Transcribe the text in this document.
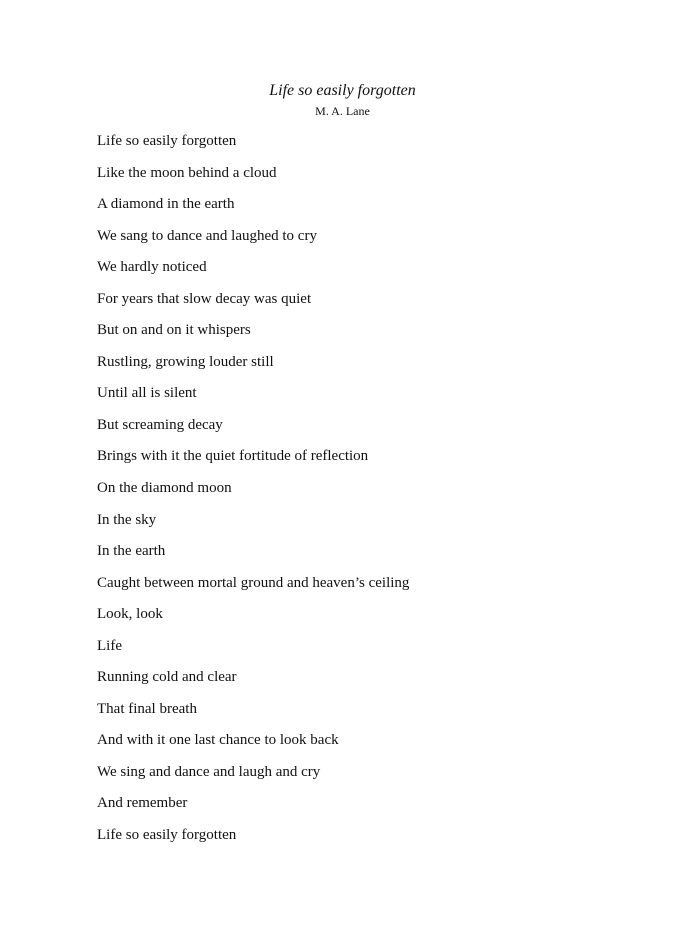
Life so easily forgotten
M. A. Lane
Life so easily forgotten
Like the moon behind a cloud
A diamond in the earth
We sang to dance and laughed to cry
We hardly noticed
For years that slow decay was quiet
But on and on it whispers
Rustling, growing louder still
Until all is silent
But screaming decay
Brings with it the quiet fortitude of reflection
On the diamond moon
In the sky
In the earth
Caught between mortal ground and heaven’s ceiling
Look, look
Life
Running cold and clear
That final breath
And with it one last chance to look back
We sing and dance and laugh and cry
And remember
Life so easily forgotten
